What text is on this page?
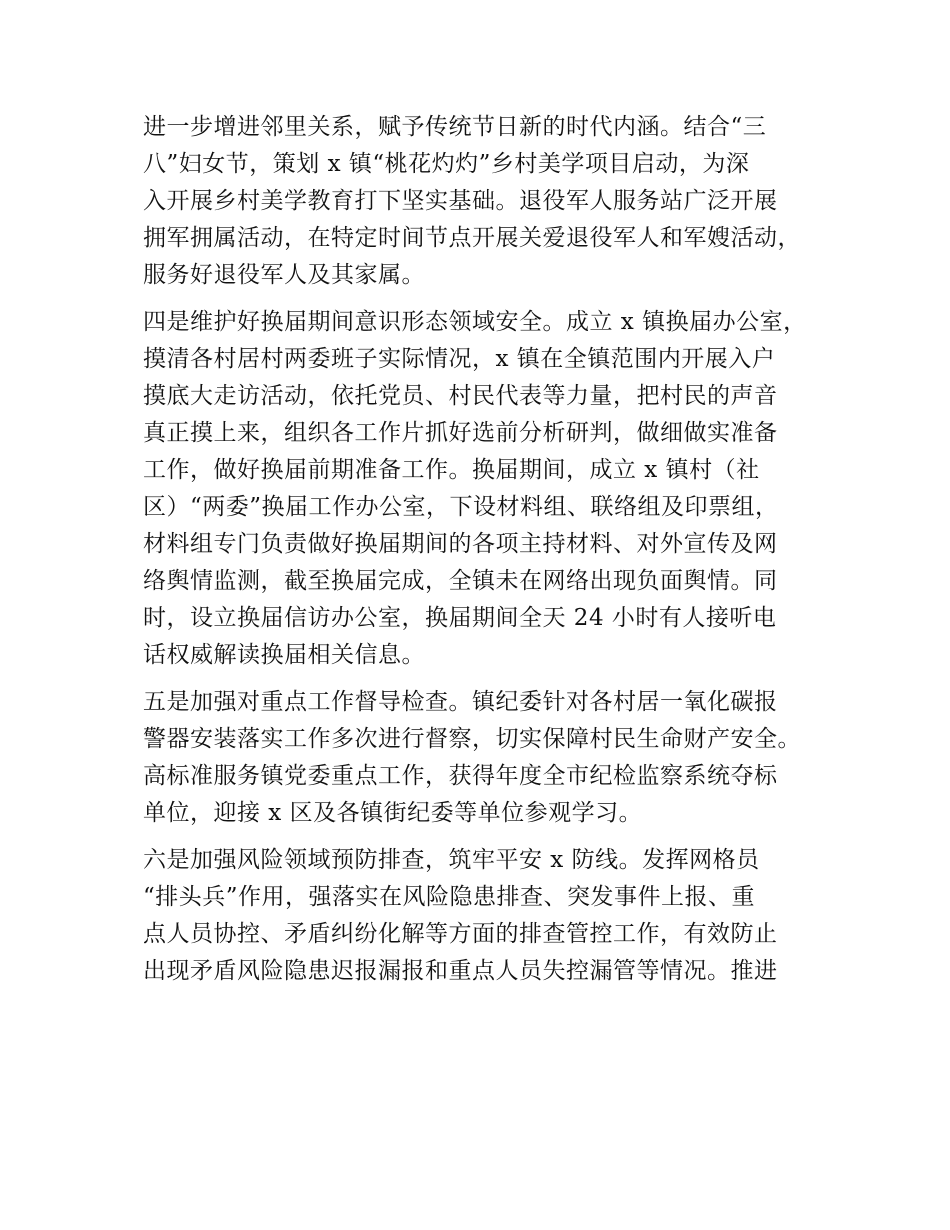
进一步增进邻里关系，赋予传统节日新的时代内涵。结合“三
八”妇女节，策划 x 镇“桃花灼灼”乡村美学项目启动，为深
入开展乡村美学教育打下坚实基础。退役军人服务站广泛开展
拥军拥属活动，在特定时间节点开展关爱退役军人和军嫂活动，
服务好退役军人及其家属。
四是维护好换届期间意识形态领域安全。成立 x 镇换届办公室，
摸清各村居村两委班子实际情况，x 镇在全镇范围内开展入户
摸底大走访活动，依托党员、村民代表等力量，把村民的声音
真正摸上来，组织各工作片抓好选前分析研判，做细做实准备
工作，做好换届前期准备工作。换届期间，成立 x 镇村（社
区）“两委”换届工作办公室，下设材料组、联络组及印票组，
材料组专门负责做好换届期间的各项主持材料、对外宣传及网
络舆情监测，截至换届完成，全镇未在网络出现负面舆情。同
时，设立换届信访办公室，换届期间全天 24 小时有人接听电
话权威解读换届相关信息。
五是加强对重点工作督导检查。镇纪委针对各村居一氧化碳报
警器安装落实工作多次进行督察，切实保障村民生命财产安全。
高标准服务镇党委重点工作，获得年度全市纪检监察系统夺标
单位，迎接 x 区及各镇街纪委等单位参观学习。
六是加强风险领域预防排查，筑牢平安 x 防线。发挥网格员
“排头兵”作用，强落实在风险隐患排查、突发事件上报、重
点人员协控、矛盾纠纷化解等方面的排查管控工作，有效防止
出现矛盾风险隐患迟报漏报和重点人员失控漏管等情况。推进
